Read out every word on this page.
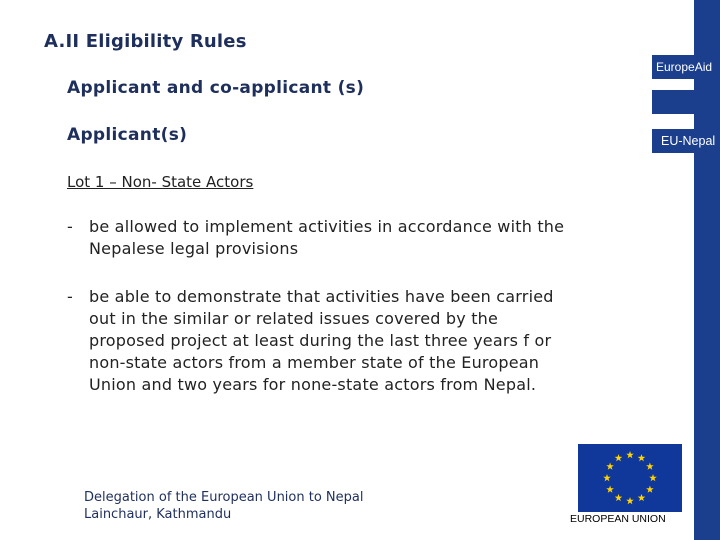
EuropeAid
EU-Nepal
A.II Eligibility Rules
Applicant and co-applicant (s)
Applicant(s)
Lot 1 – Non- State Actors
- be allowed to implement activities in accordance with the
Nepalese legal provisions
- be able to demonstrate that activities have been carried
out in the similar or related issues covered by the
proposed project at least during the last three years f or
non-state actors from a member state of the European
Union and two years for none-state actors from Nepal.
Delegation of the European Union to Nepal
Lainchaur, Kathmandu	EUROPEAN UNION
